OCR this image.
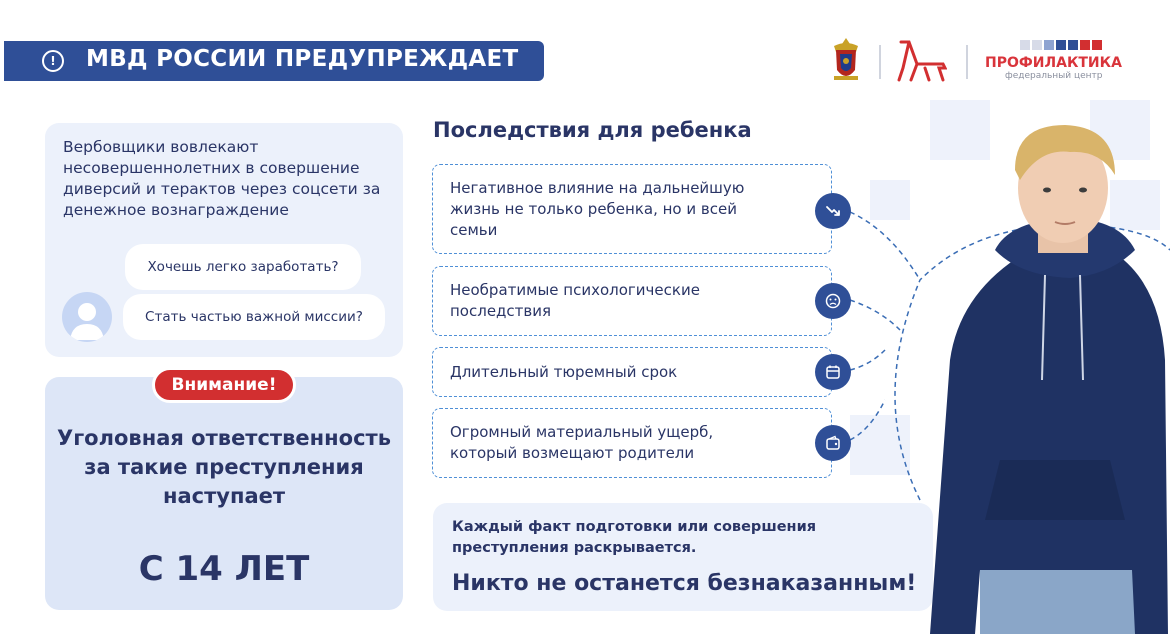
!	МВД РОССИИ ПРЕДУПРЕЖДАЕТ	ПРОФИЛАКТИКА
федеральный центр
Вербовщики вовлекают несовершеннолетних в совершение диверсий и терактов через соцсети за денежное вознаграждение
Хочешь легко заработать?
Стать частью важной миссии?
Внимание!
Уголовная ответственность за такие преступления наступает
С 14 ЛЕТ
Последствия для ребенка
Негативное влияние на дальнейшую жизнь не только ребенка, но и всей семьи
Необратимые психологические последствия
Длительный тюремный срок
Огромный материальный ущерб, который возмещают родители
Каждый факт подготовки или совершения преступления раскрывается.
Никто не останется безнаказанным!
